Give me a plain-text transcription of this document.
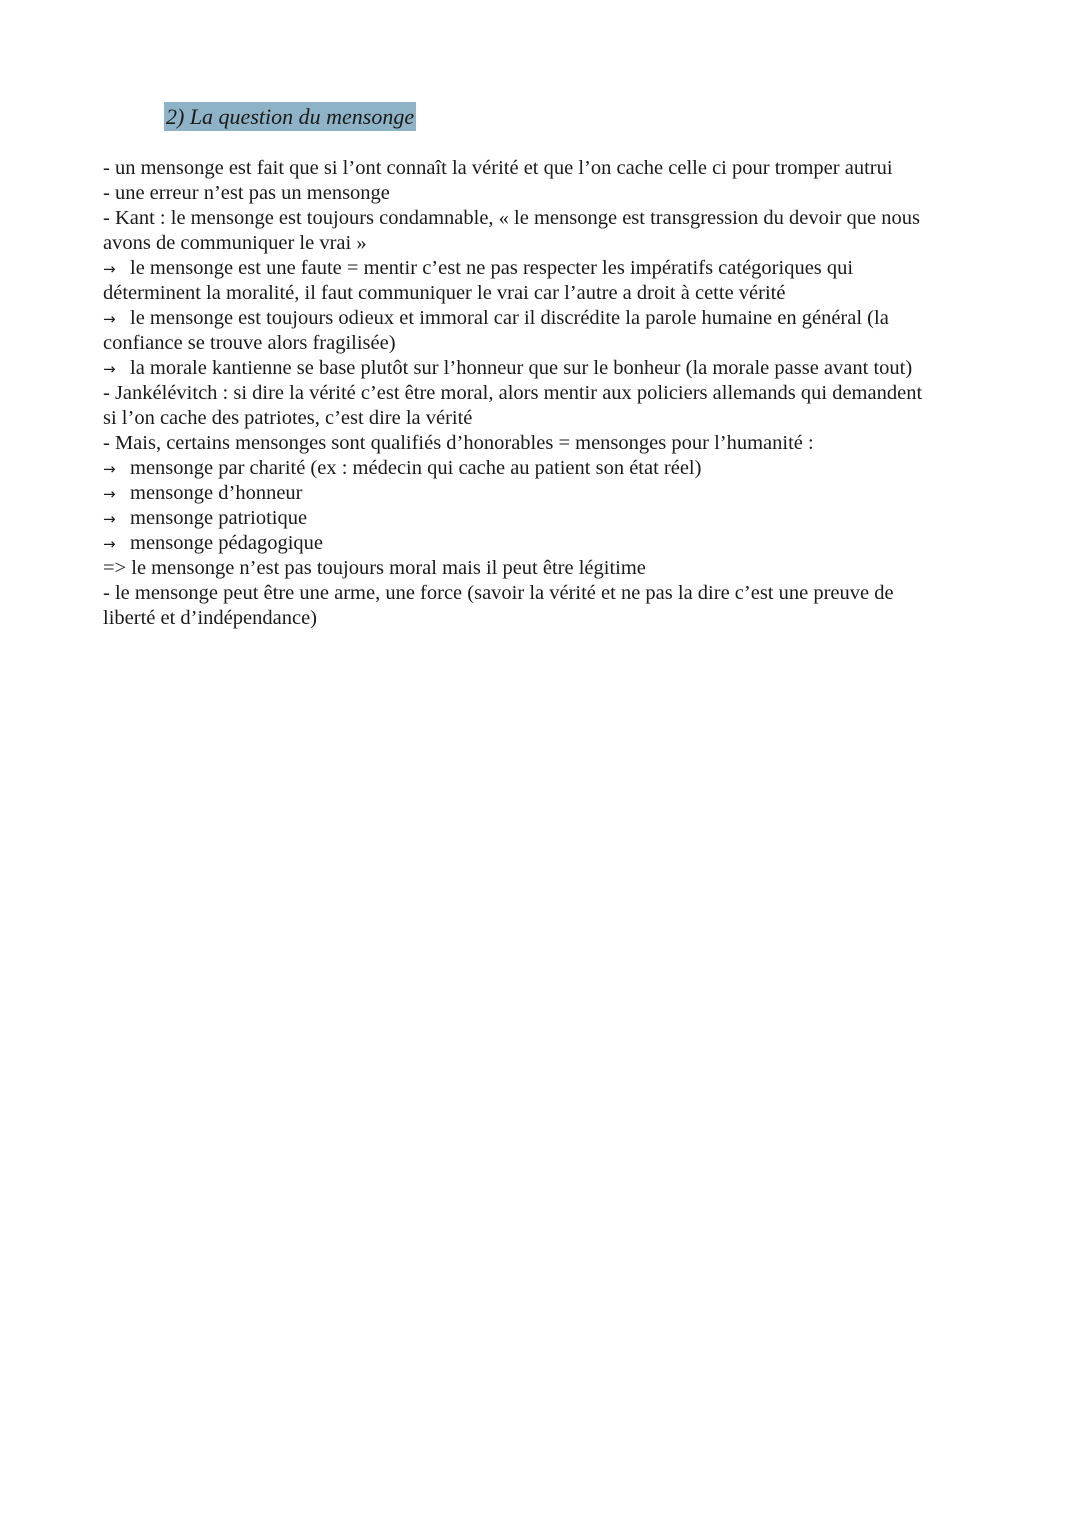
2) La question du mensonge
- un mensonge est fait que si l’ont connaît la vérité et que l’on cache celle ci pour tromper autrui
- une erreur n’est pas un mensonge
- Kant : le mensonge est toujours condamnable, « le mensonge est transgression du devoir que nous
avons de communiquer le vrai »
→ le mensonge est une faute = mentir c’est ne pas respecter les impératifs catégoriques qui
déterminent la moralité, il faut communiquer le vrai car l’autre a droit à cette vérité
→ le mensonge est toujours odieux et immoral car il discrédite la parole humaine en général (la
confiance se trouve alors fragilisée)
→ la morale kantienne se base plutôt sur l’honneur que sur le bonheur (la morale passe avant tout)
- Jankélévitch : si dire la vérité c’est être moral, alors mentir aux policiers allemands qui demandent
si l’on cache des patriotes, c’est dire la vérité
- Mais, certains mensonges sont qualifiés d’honorables = mensonges pour l’humanité :
→ mensonge par charité (ex : médecin qui cache au patient son état réel)
→ mensonge d’honneur
→ mensonge patriotique
→ mensonge pédagogique
=> le mensonge n’est pas toujours moral mais il peut être légitime
- le mensonge peut être une arme, une force (savoir la vérité et ne pas la dire c’est une preuve de
liberté et d’indépendance)
